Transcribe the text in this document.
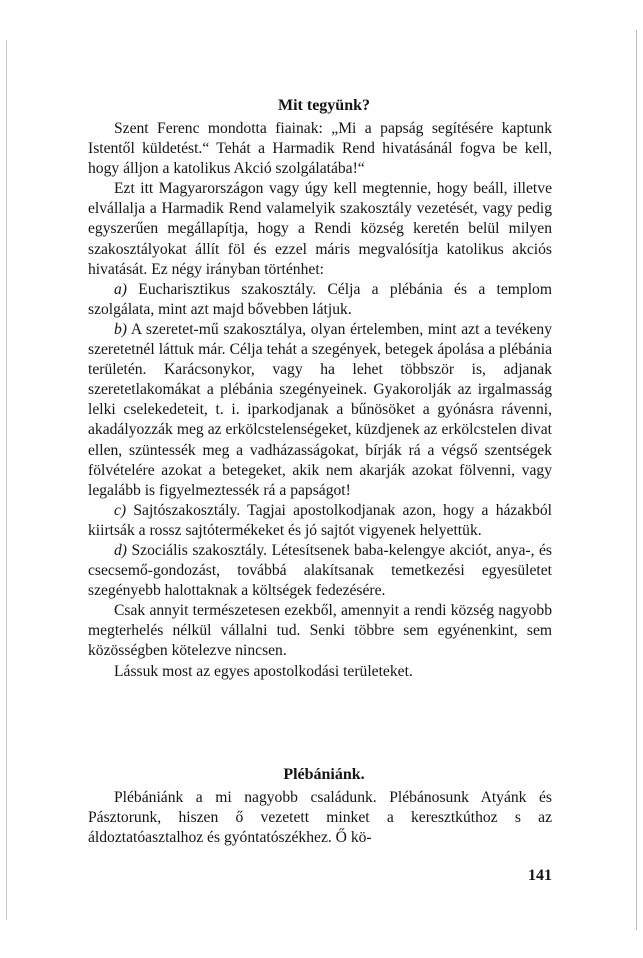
Mit tegyünk?

Szent Ferenc mondotta fiainak: „Mi a papság segítésére kaptunk Istentől küldetést.“ Tehát a Harmadik Rend hivatásánál fogva be kell, hogy álljon a katolikus Akció szolgálatába!“

Ezt itt Magyarországon vagy úgy kell megtennie, hogy beáll, illetve elvállalja a Harmadik Rend valamelyik szakosztály vezetését, vagy pedig egyszerűen megállapítja, hogy a Rendi község keretén belül milyen szakosztályokat állít föl és ezzel máris megvalósítja katolikus akciós hivatását. Ez négy irányban történhet:

a) Eucharisztikus szakosztály. Célja a plébánia és a templom szolgálata, mint azt majd bővebben látjuk.

b) A szeretet-mű szakosztálya, olyan értelemben, mint azt a tevékeny szeretetnél láttuk már. Célja tehát a szegények, betegek ápolása a plébánia területén. Karácsonykor, vagy ha lehet többször is, adjanak szeretetlakomákat a plébánia szegényeinek. Gyakorolják az irgalmasság lelki cselekedeteit, t. i. iparkodjanak a bűnösöket a gyónásra rávenni, akadályozzák meg az erkölcstelenségeket, küzdjenek az erkölcstelen divat ellen, szüntessék meg a vadházasságokat, bírják rá a végső szentségek fölvételére azokat a betegeket, akik nem akarják azokat fölvenni, vagy legalább is figyelmeztessék rá a papságot!

c) Sajtószakosztály. Tagjai apostolkodjanak azon, hogy a házakból kiirtsák a rossz sajtótermékeket és jó sajtót vigyenek helyettük.

d) Szociális szakosztály. Létesítsenek baba-kelengye akciót, anya-, és csecsemő-gondozást, továbbá alakítsanak temetkezési egyesületet szegényebb halottaknak a költségek fedezésére.

Csak annyit természetesen ezekből, amennyit a rendi község nagyobb megterhelés nélkül vállalni tud. Senki többre sem egyénenkint, sem közösségben kötelezve nincsen.

Lássuk most az egyes apostolkodási területeket.

Plébániánk.

Plébániánk a mi nagyobb családunk. Plébánosunk Atyánk és Pásztorunk, hiszen ő vezetett minket a keresztkúthoz s az áldoztatóasztalhoz és gyóntatószékhez. Ő kö-

141
